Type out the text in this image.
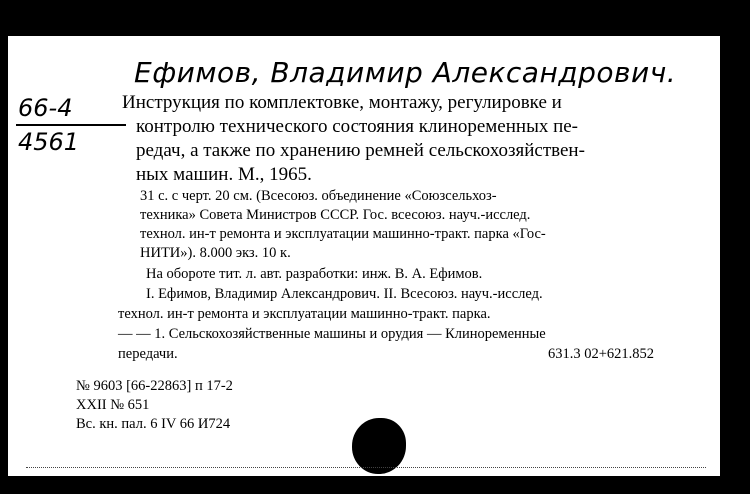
Ефимов, Владимир Александрович.
66-4
4561
Инструкция по комплектовке, монтажу, регулировке и
контролю технического состояния клиноременных пе-
редач, а также по хранению ремней сельскохозяйствен-
ных машин. М., 1965.
31 с. с черт. 20 см. (Всесоюз. объединение «Союзсельхоз-
техника» Совета Министров СССР. Гос. всесоюз. науч.-исслед.
технол. ин-т ремонта и эксплуатации машинно-тракт. парка «Гос-
НИТИ»). 8.000 экз. 10 к.
На обороте тит. л. авт. разработки: инж. В. А. Ефимов.
I. Ефимов, Владимир Александрович. II. Всесоюз. науч.-исслед.
технол. ин-т ремонта и эксплуатации машинно-тракт. парка.
— — 1. Сельскохозяйственные машины и орудия — Клиноременные
передачи.	631.3 02+621.852
№ 9603 [66-22863] п 17-2
XXII № 651
Вс. кн. пал. 6 IV 66 И724
